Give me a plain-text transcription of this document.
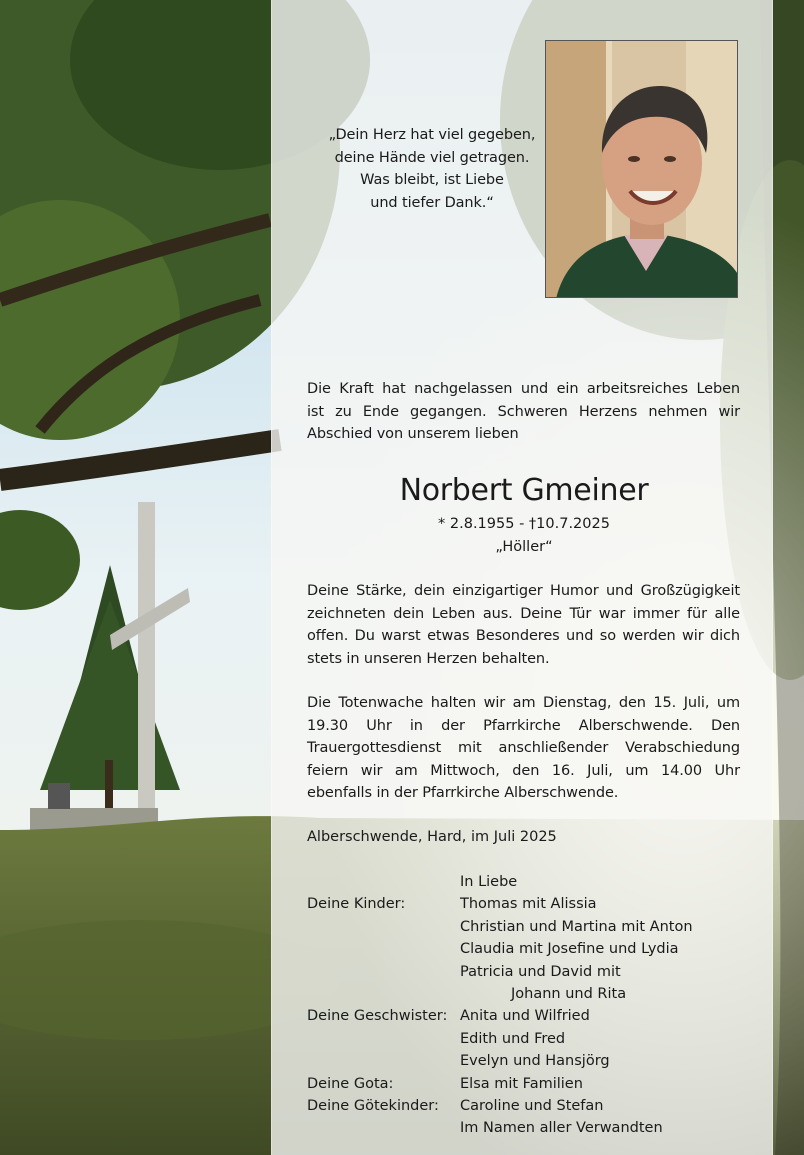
„Dein Herz hat viel gegeben,
deine Hände viel getragen.
Was bleibt, ist Liebe
und tiefer Dank.“
Die Kraft hat nachgelassen und ein arbeitsreiches Leben
ist zu Ende gegangen. Schweren Herzens nehmen wir
Abschied von unserem lieben
Norbert Gmeiner
* 2.8.1955 - †10.7.2025
„Höller“
Deine Stärke, dein einzigartiger Humor und Großzügigkeit
zeichneten dein Leben aus. Deine Tür war immer für alle
offen. Du warst etwas Besonderes und so werden wir dich
stets in unseren Herzen behalten.
Die Totenwache halten wir am Dienstag, den 15. Juli, um
19.30 Uhr in der Pfarrkirche Alberschwende. Den
Trauergottesdienst mit anschließender Verabschiedung
feiern wir am Mittwoch, den 16. Juli, um 14.00 Uhr
ebenfalls in der Pfarrkirche Alberschwende.
Alberschwende, Hard, im Juli 2025
In Liebe
Deine Kinder:	Thomas mit Alissia
Christian und Martina mit Anton
Claudia mit Josefine und Lydia
Patricia und David mit
Johann und Rita
Deine Geschwister: Anita und Wilfried
Edith und Fred
Evelyn und Hansjörg
Deine Gota:	Elsa mit Familien
Deine Götekinder:	Caroline und Stefan
Im Namen aller Verwandten
